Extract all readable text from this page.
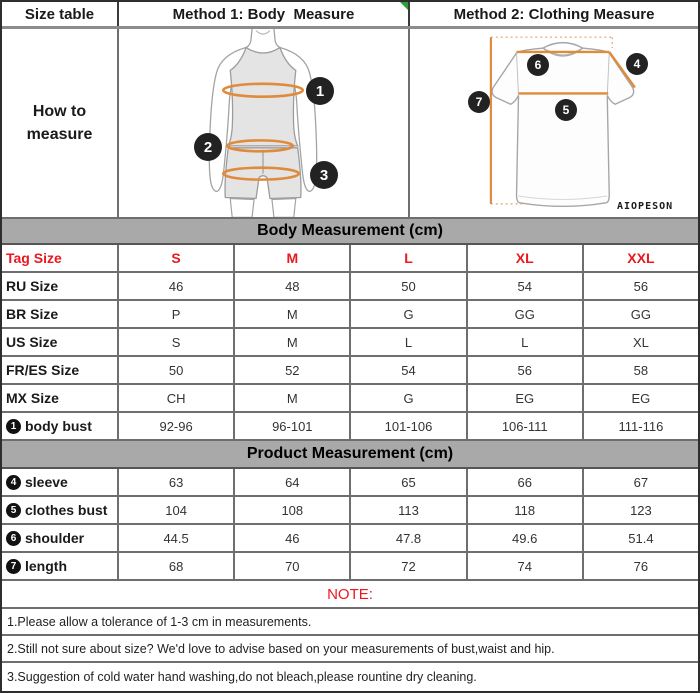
Size table	Method 1: Body  Measure	Method 2: Clothing Measure
How to
measure
1
2
3
4
5
6
7
AIOPESON
Body Measurement (cm)
Tag Size	S	M	L	XL	XXL
RU Size	46	48	50	54	56
BR Size	P	M	G	GG	GG
US Size	S	M	L	L	XL
FR/ES Size	50	52	54	56	58
MX Size	CH	M	G	EG	EG
1 body bust	92-96	96-101	101-106	106-111	111-116
Product Measurement (cm)
4 sleeve	63	64	65	66	67
5 clothes bust	104	108	113	118	123
6 shoulder	44.5	46	47.8	49.6	51.4
7 length	68	70	72	74	76
NOTE:
1.Please allow a tolerance of 1-3 cm in measurements.
2.Still not sure about size? We'd love to advise based on your measurements of bust,waist and hip.
3.Suggestion of cold water hand washing,do not bleach,please rountine dry cleaning.
